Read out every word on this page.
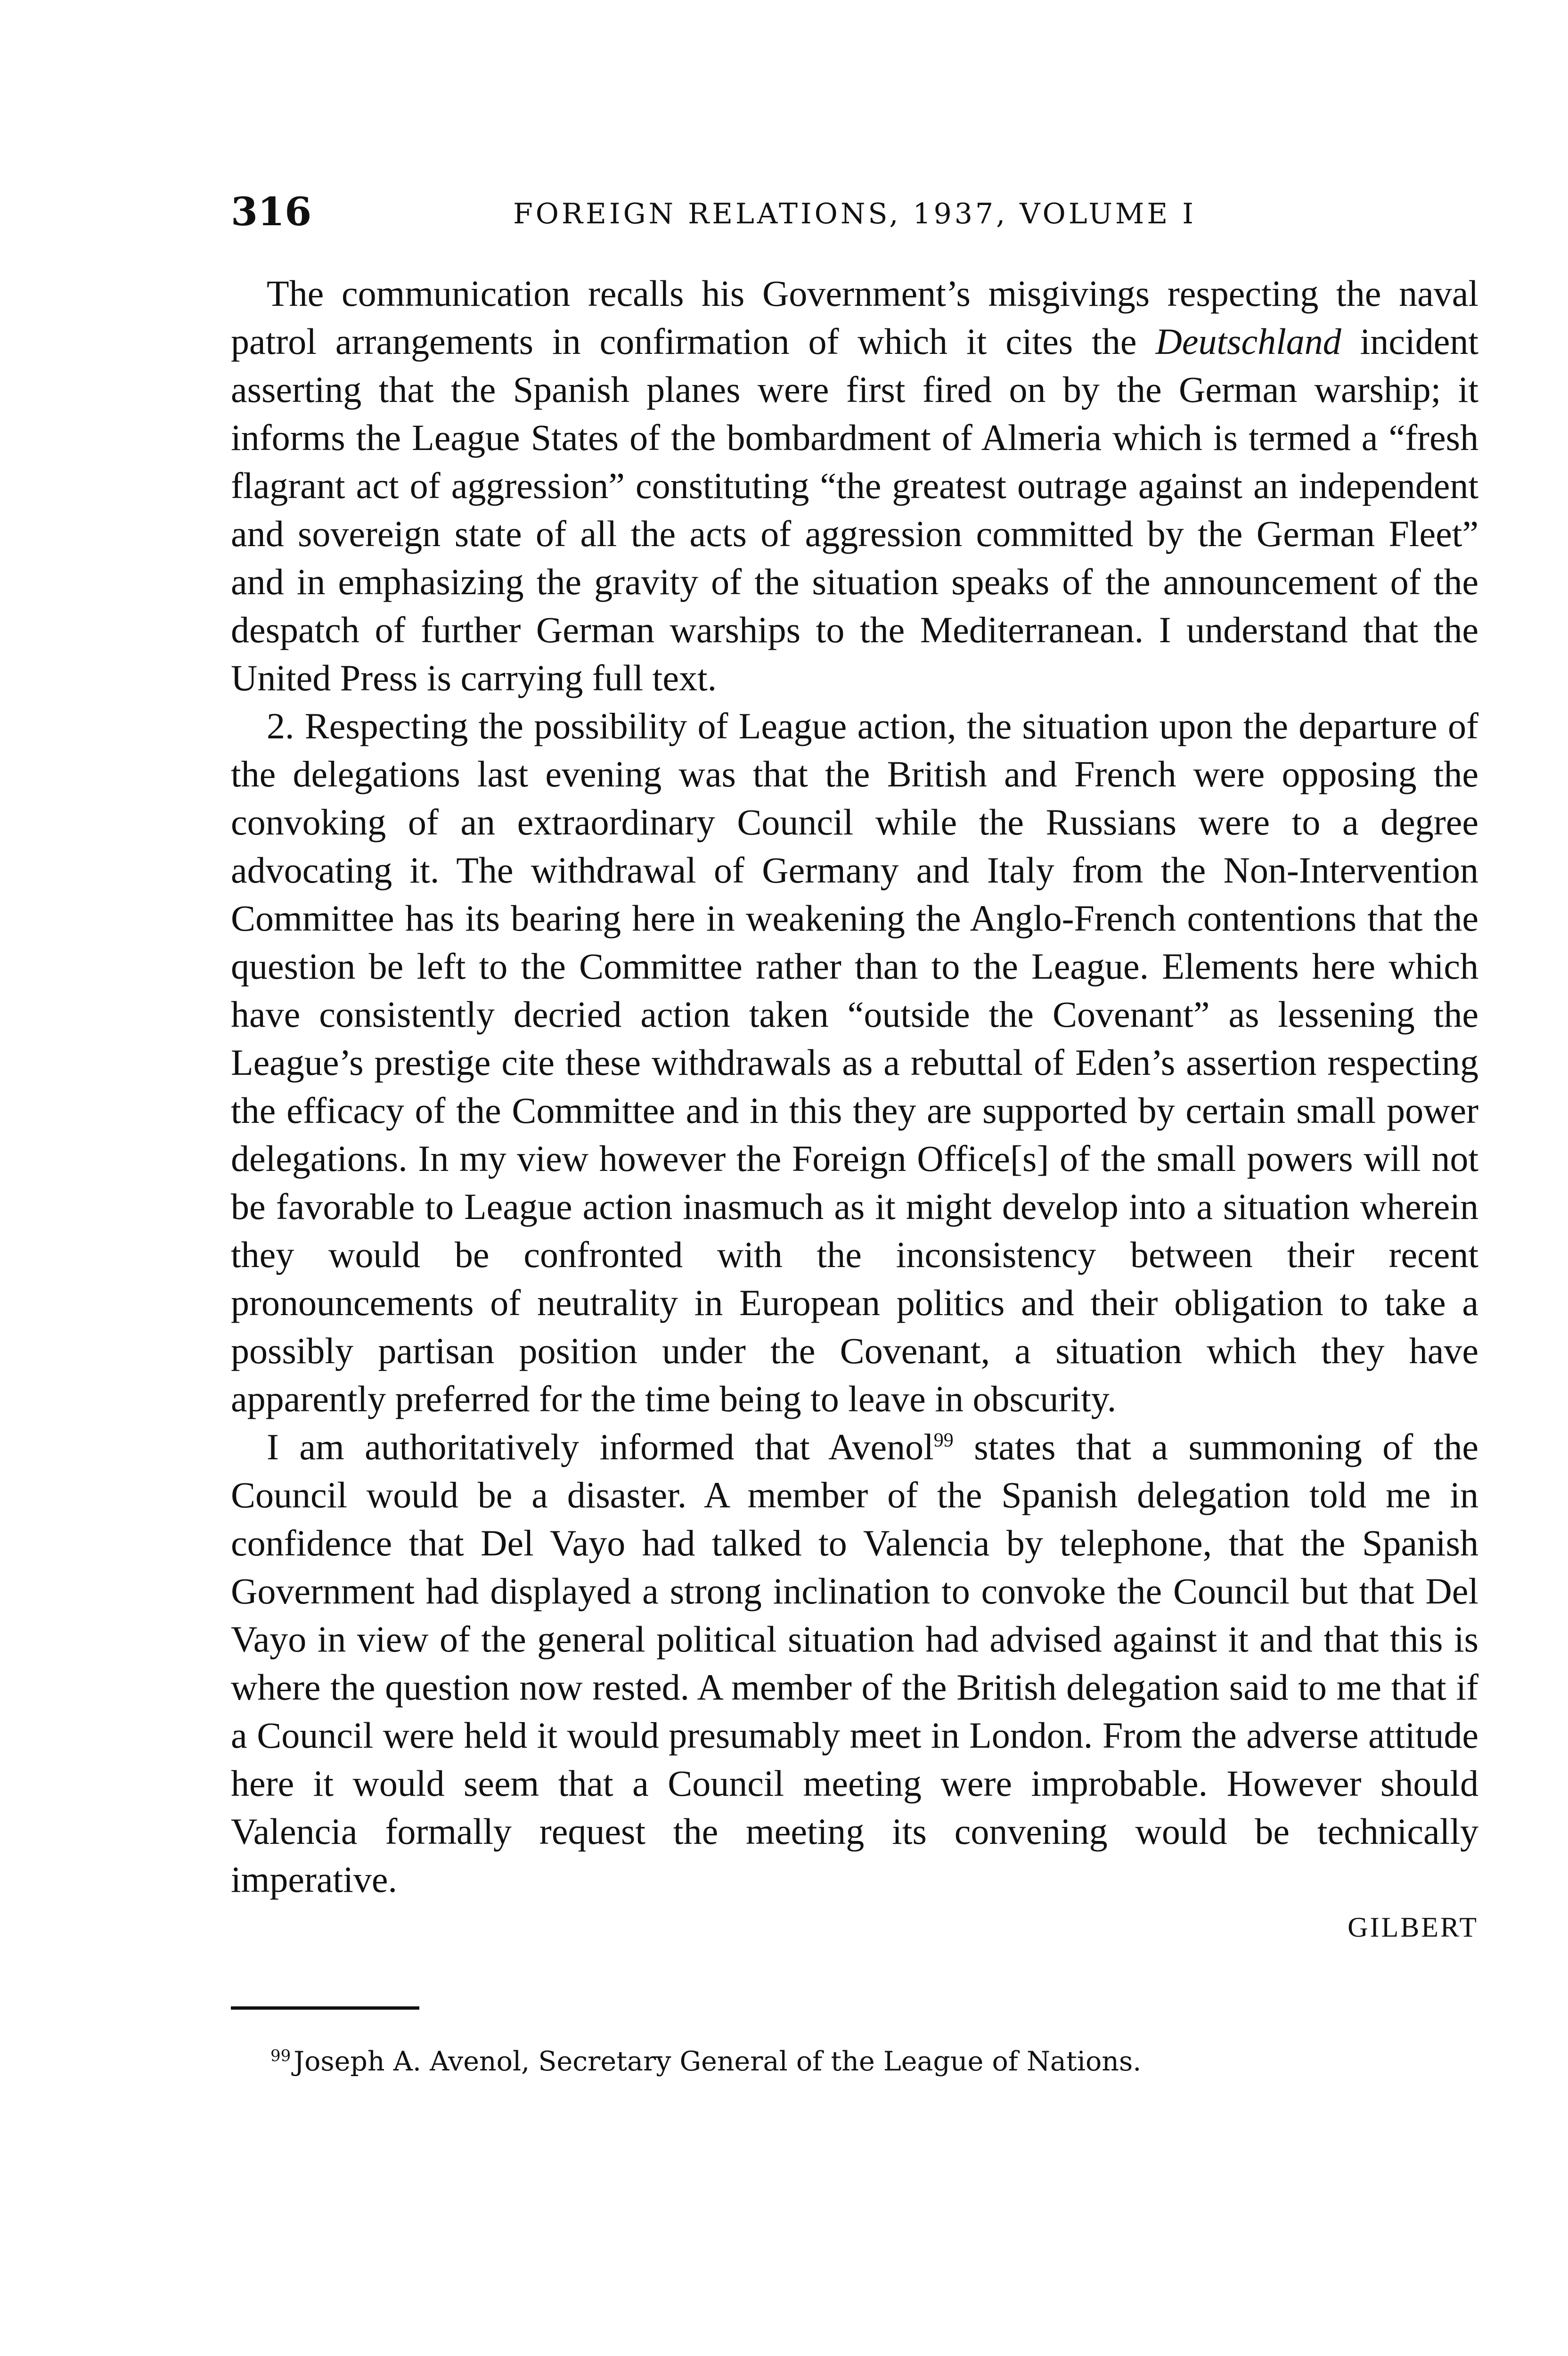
316	FOREIGN RELATIONS, 1937, VOLUME I

The communication recalls his Government’s misgivings respecting the naval patrol arrangements in confirmation of which it cites the Deutschland incident asserting that the Spanish planes were first fired on by the German warship; it informs the League States of the bombardment of Almeria which is termed a “fresh flagrant act of aggression” constituting “the greatest outrage against an independent and sovereign state of all the acts of aggression committed by the German Fleet” and in emphasizing the gravity of the situation speaks of the announcement of the despatch of further German warships to the Mediterranean. I understand that the United Press is carrying full text.

2. Respecting the possibility of League action, the situation upon the departure of the delegations last evening was that the British and French were opposing the convoking of an extraordinary Council while the Russians were to a degree advocating it. The withdrawal of Germany and Italy from the Non-Intervention Committee has its bearing here in weakening the Anglo-French contentions that the question be left to the Committee rather than to the League. Elements here which have consistently decried action taken “outside the Covenant” as lessening the League’s prestige cite these withdrawals as a rebuttal of Eden’s assertion respecting the efficacy of the Committee and in this they are supported by certain small power delegations. In my view however the Foreign Office[s] of the small powers will not be favorable to League action inasmuch as it might develop into a situation wherein they would be confronted with the inconsistency between their recent pronouncements of neutrality in European politics and their obligation to take a possibly partisan position under the Covenant, a situation which they have apparently preferred for the time being to leave in obscurity.

I am authoritatively informed that Avenol$^{99}$ states that a summoning of the Council would be a disaster. A member of the Spanish delegation told me in confidence that Del Vayo had talked to Valencia by telephone, that the Spanish Government had displayed a strong inclination to convoke the Council but that Del Vayo in view of the general political situation had advised against it and that this is where the question now rested. A member of the British delegation said to me that if a Council were held it would presumably meet in London. From the adverse attitude here it would seem that a Council meeting were improbable. However should Valencia formally request the meeting its convening would be technically imperative.

GILBERT
$^{99}$ Joseph A. Avenol, Secretary General of the League of Nations.
